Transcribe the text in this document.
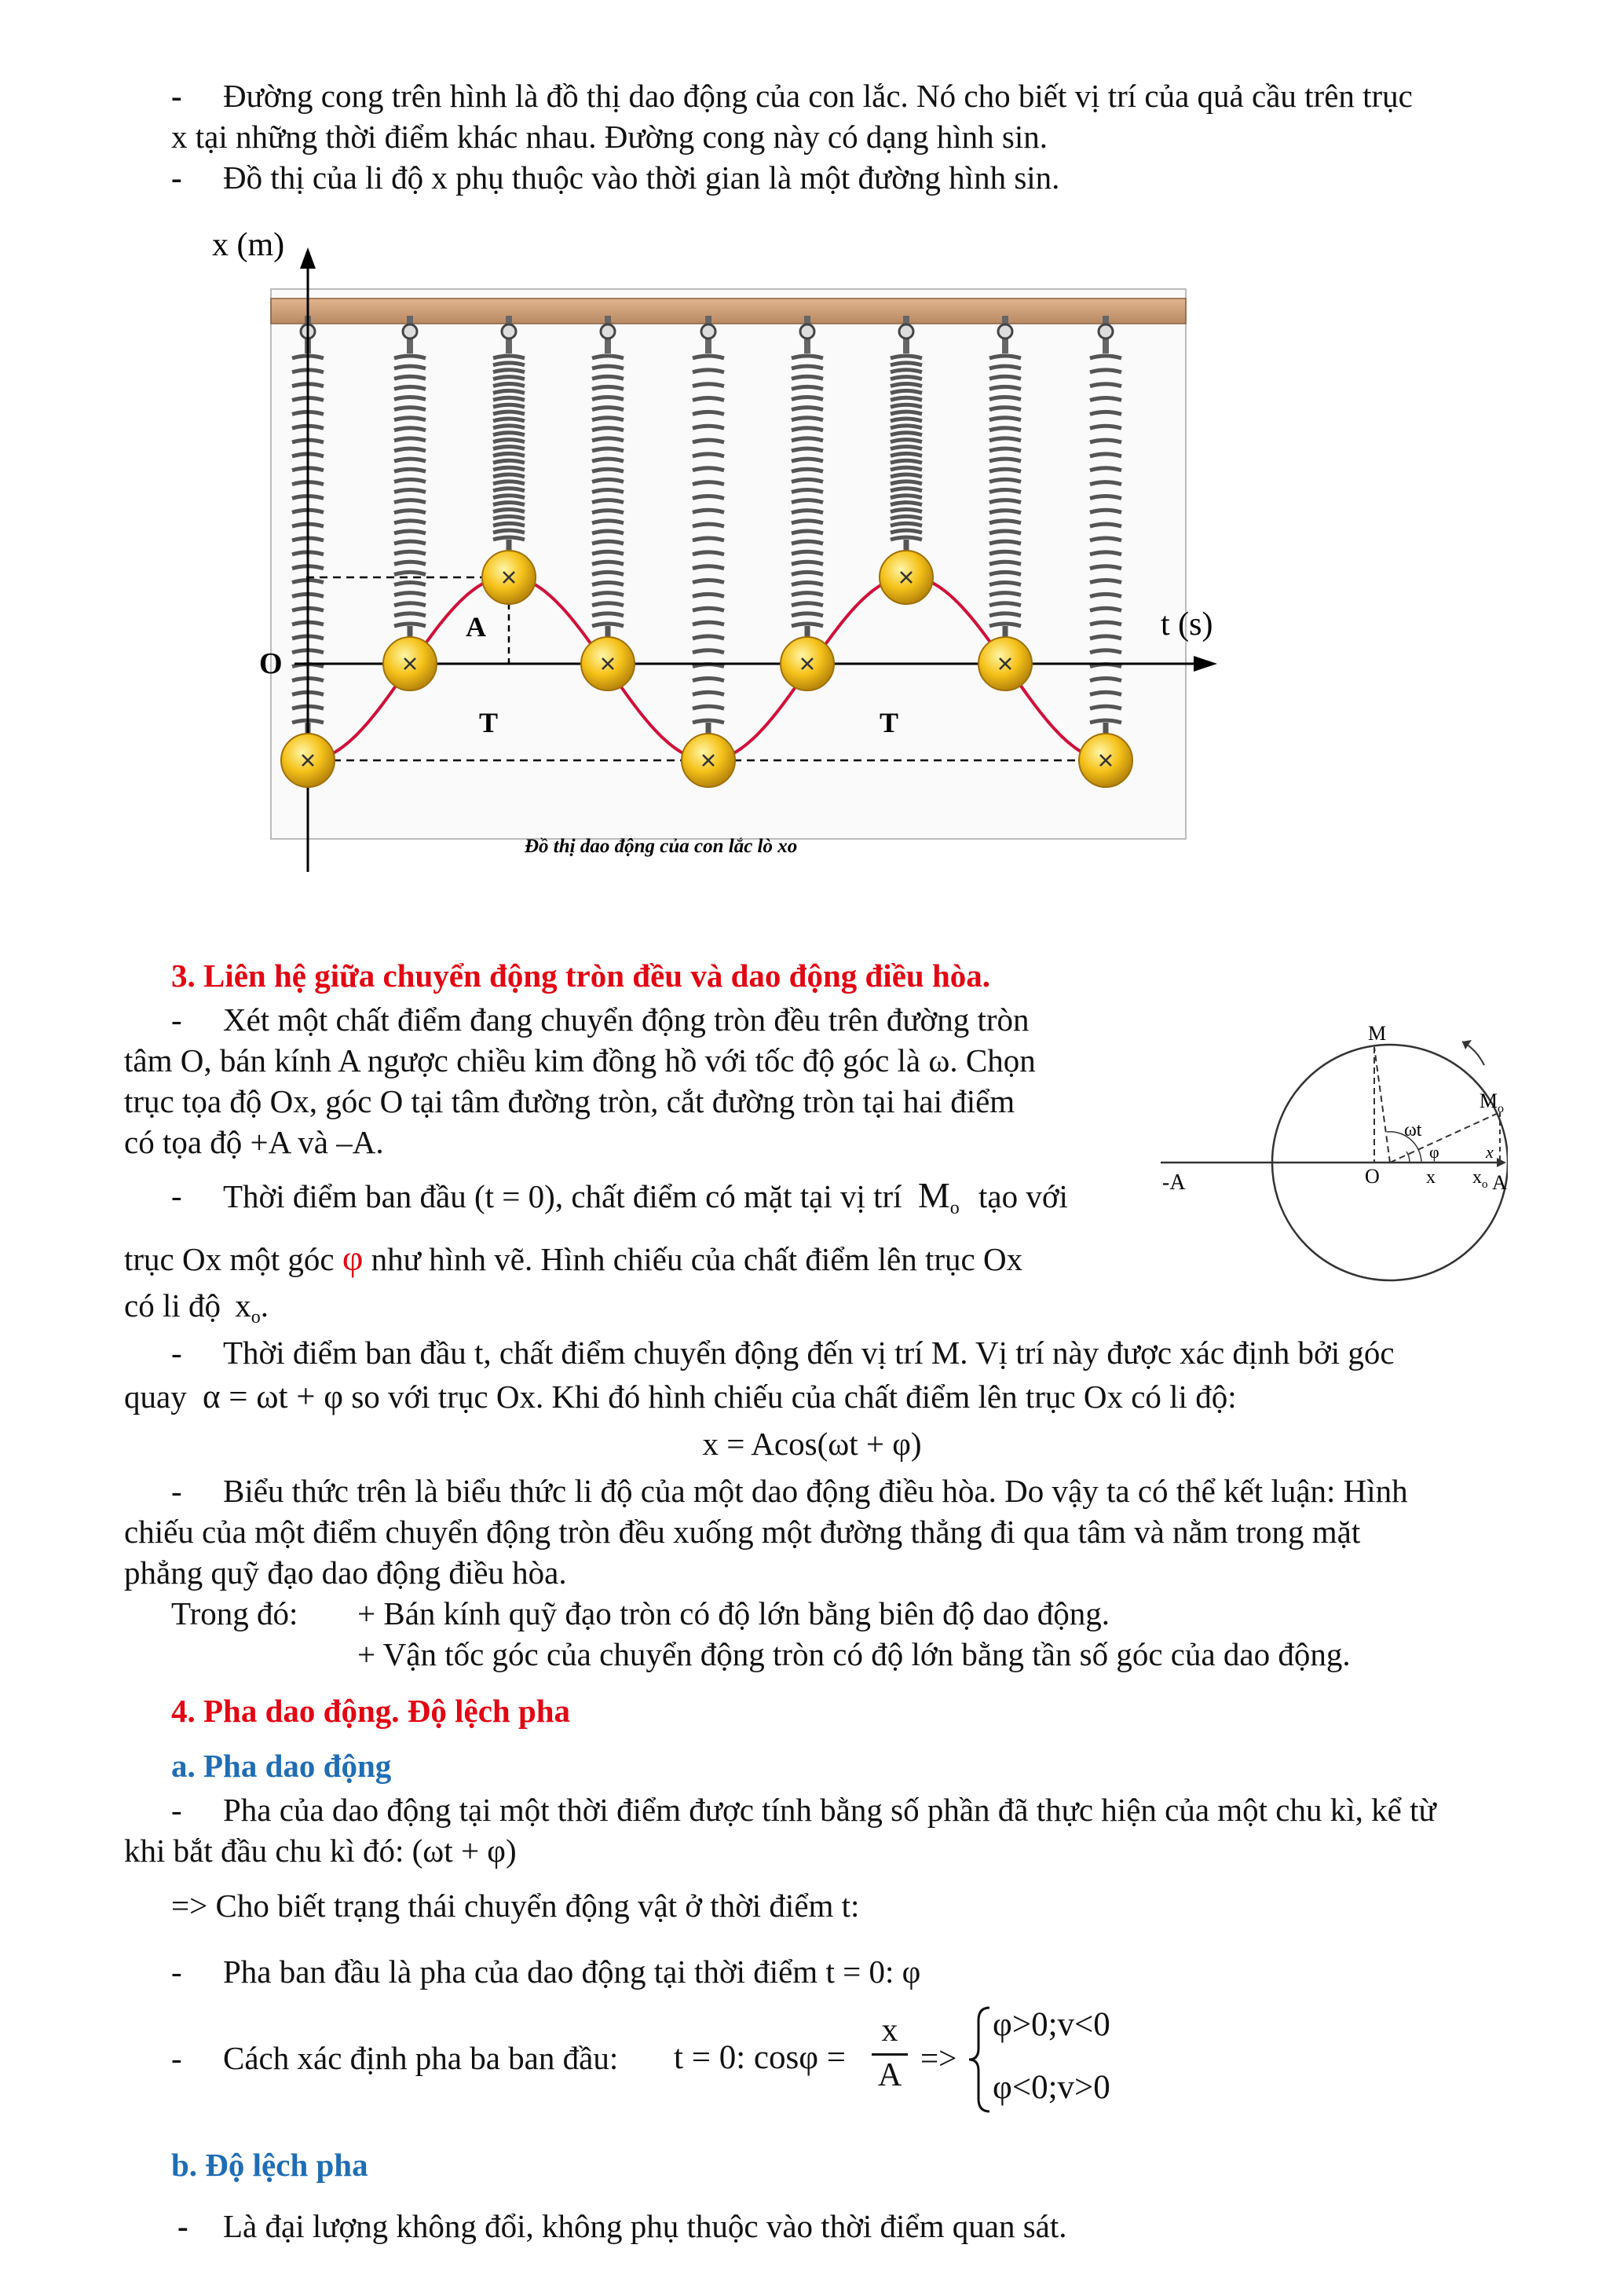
- Đường cong trên hình là đồ thị dao động của con lắc. Nó cho biết vị trí của quả cầu trên trục
x tại những thời điểm khác nhau. Đường cong này có dạng hình sin.
- Đồ thị của li độ x phụ thuộc vào thời gian là một đường hình sin.
x (m)
t (s)
O
A
T	T
Đồ thị dao động của con lắc lò xo
3. Liên hệ giữa chuyển động tròn đều và dao động điều hòa.
- Xét một chất điểm đang chuyển động tròn đều trên đường tròn
tâm O, bán kính A ngược chiều kim đồng hồ với tốc độ góc là ω. Chọn
trục tọa độ Ox, góc O tại tâm đường tròn, cắt đường tròn tại hai điểm
có tọa độ +A và –A.
- Thời điểm ban đầu (t = 0), chất điểm có mặt tại vị trí $M_o$ tạo với
trục Ox một góc φ như hình vẽ. Hình chiếu của chất điểm lên trục Ox
có li độ $x_o$.
M
$M_o$
ωt
φ
-A	O x $x_o$ A
x
- Thời điểm ban đầu t, chất điểm chuyển động đến vị trí M. Vị trí này được xác định bởi góc
quay α = ωt + φ so với trục Ox. Khi đó hình chiếu của chất điểm lên trục Ox có li độ:
x = Acos(ωt + φ)
- Biểu thức trên là biểu thức li độ của một dao động điều hòa. Do vậy ta có thể kết luận: Hình
chiếu của một điểm chuyển động tròn đều xuống một đường thẳng đi qua tâm và nằm trong mặt
phẳng quỹ đạo dao động điều hòa.
Trong đó: + Bán kính quỹ đạo tròn có độ lớn bằng biên độ dao động.
+ Vận tốc góc của chuyển động tròn có độ lớn bằng tần số góc của dao động.
4. Pha dao động. Độ lệch pha
a. Pha dao động
- Pha của dao động tại một thời điểm được tính bằng số phần đã thực hiện của một chu kì, kể từ
khi bắt đầu chu kì đó: (ωt + φ)
=> Cho biết trạng thái chuyển động vật ở thời điểm t:
- Pha ban đầu là pha của dao động tại thời điểm t = 0: φ
- Cách xác định pha ba ban đầu: t = 0: cosφ =
x
A =>
φ>0;v<0
φ<0;v>0
b. Độ lệch pha
- Là đại lượng không đổi, không phụ thuộc vào thời điểm quan sát.
